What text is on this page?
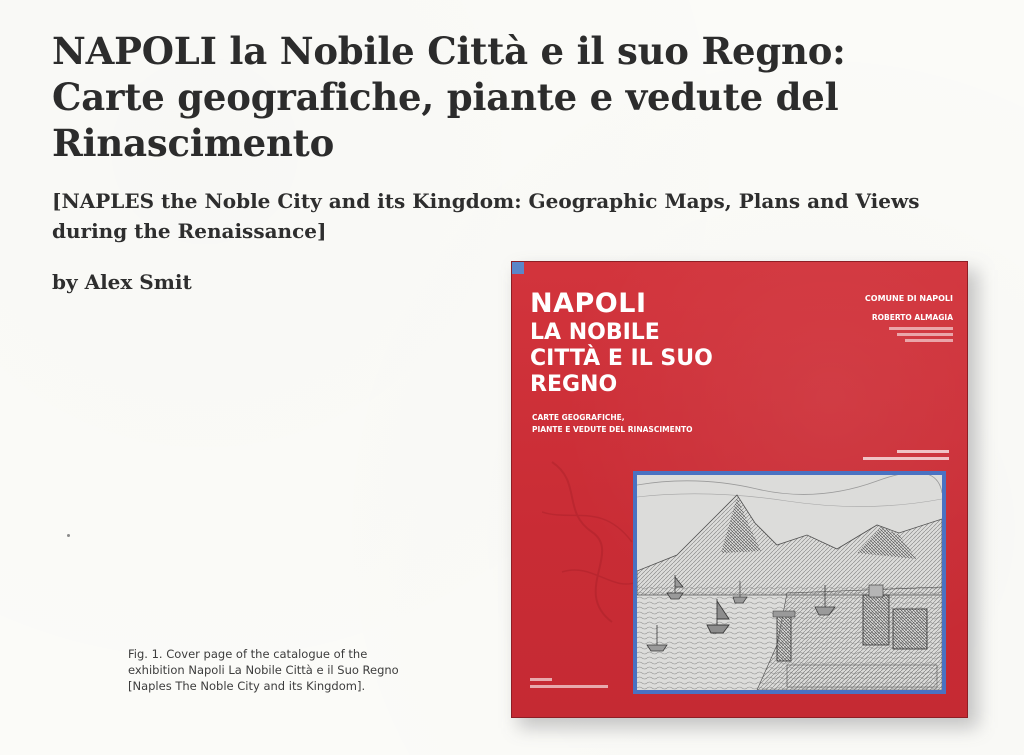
NAPOLI la Nobile Città e il suo Regno:
Carte geografiche, piante e vedute del
Rinascimento
[NAPLES the Noble City and its Kingdom: Geographic Maps, Plans and Views
during the Renaissance]

by Alex Smit

Fig. 1. Cover page of the catalogue of the
exhibition Napoli La Nobile Città e il Suo Regno
[Naples The Noble City and its Kingdom].

NAPOLI
LA NOBILE
CITTÀ E IL SUO
REGNO
CARTE GEOGRAFICHE,
PIANTE E VEDUTE DEL RINASCIMENTO
COMUNE DI NAPOLI
ROBERTO ALMAGIA
